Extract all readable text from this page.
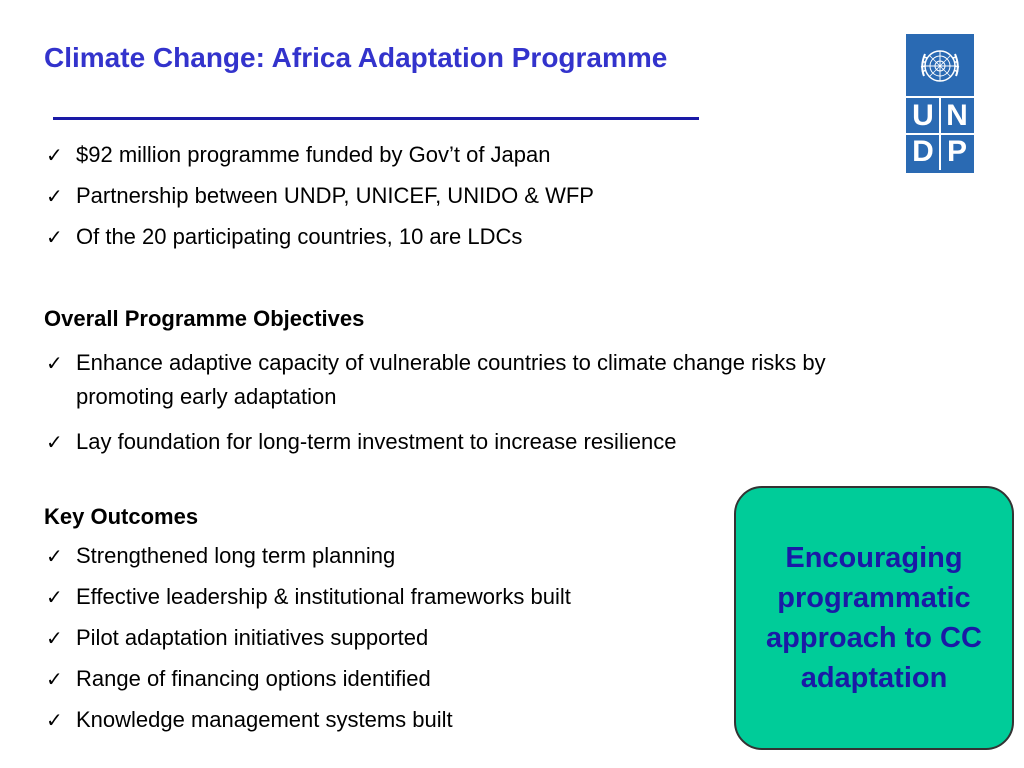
Climate Change: Africa Adaptation Programme
U N
D P
✓ $92 million programme funded by Gov’t of Japan
✓ Partnership between UNDP, UNICEF, UNIDO & WFP
✓ Of the 20 participating countries, 10 are LDCs
Overall Programme Objectives
✓ Enhance adaptive capacity of vulnerable countries to climate change risks by promoting early adaptation
✓ Lay foundation for long-term investment to increase resilience
Key Outcomes
✓ Strengthened long term planning
✓ Effective leadership & institutional frameworks built
✓ Pilot adaptation initiatives supported
✓ Range of financing options identified
✓ Knowledge management systems built
Encouraging programmatic approach to CC adaptation
